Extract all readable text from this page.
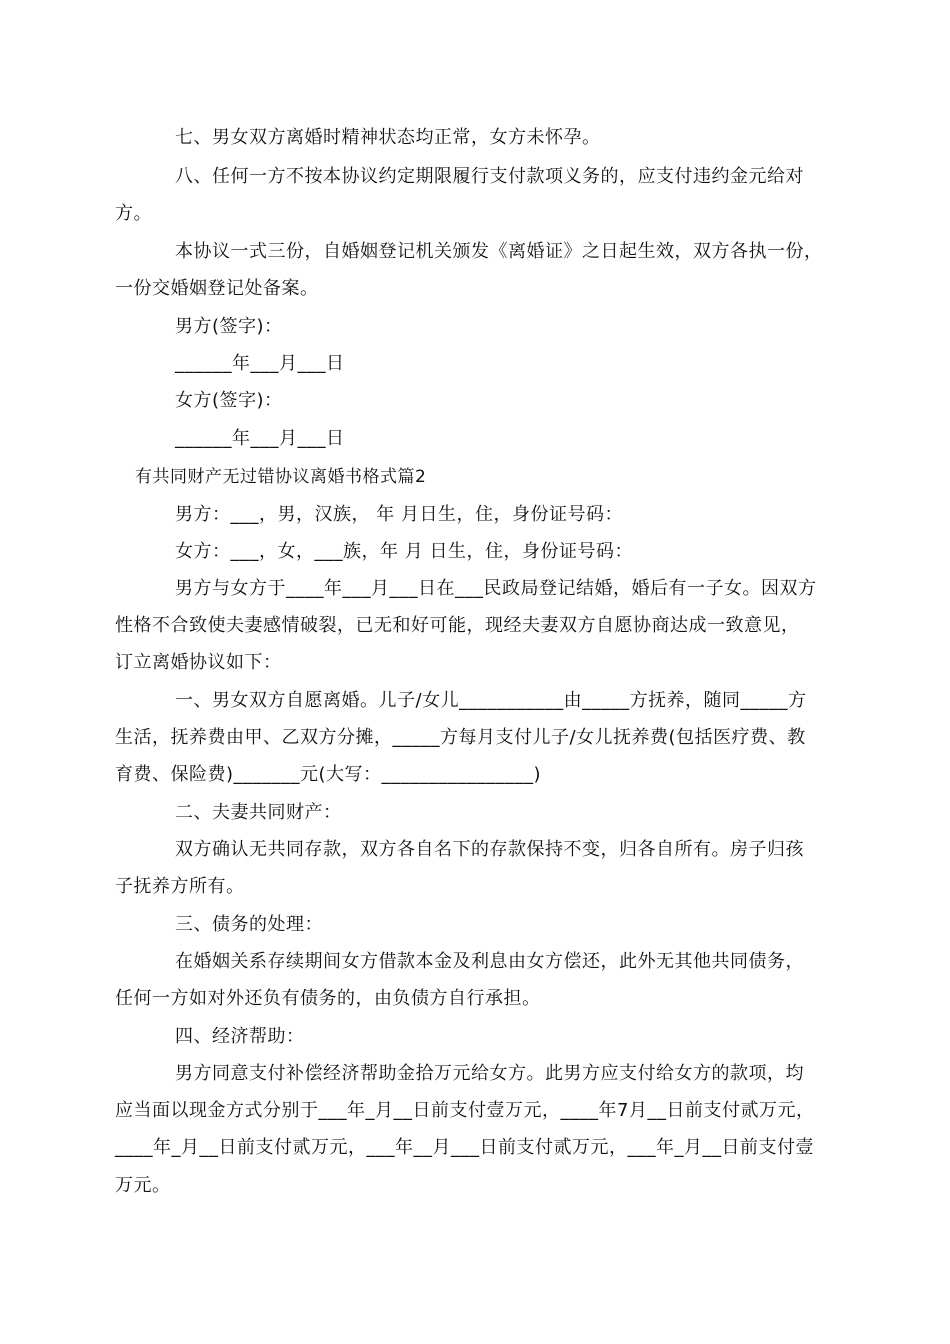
七、男女双方离婚时精神状态均正常，女方未怀孕。

八、任何一方不按本协议约定期限履行支付款项义务的，应支付违约金元给对

方。

本协议一式三份，自婚姻登记机关颁发《离婚证》之日起生效，双方各执一份，

一份交婚姻登记处备案。

男方(签字)：

______年___月___日

女方(签字)：

______年___月___日

有共同财产无过错协议离婚书格式篇2

男方：___，男，汉族， 年 月日生，住，身份证号码：

女方：___，女，___族，年 月 日生，住，身份证号码：

男方与女方于____年___月___日在___民政局登记结婚，婚后有一子女。因双方

性格不合致使夫妻感情破裂，已无和好可能，现经夫妻双方自愿协商达成一致意见，

订立离婚协议如下：

一、男女双方自愿离婚。儿子/女儿___________由_____方抚养，随同_____方

生活，抚养费由甲、乙双方分摊，_____方每月支付儿子/女儿抚养费(包括医疗费、教

育费、保险费)_______元(大写：________________)

二、夫妻共同财产：

双方确认无共同存款，双方各自名下的存款保持不变，归各自所有。房子归孩

子抚养方所有。

三、债务的处理：

在婚姻关系存续期间女方借款本金及利息由女方偿还，此外无其他共同债务，

任何一方如对外还负有债务的，由负债方自行承担。

四、经济帮助：

男方同意支付补偿经济帮助金拾万元给女方。此男方应支付给女方的款项，均

应当面以现金方式分别于___年_月__日前支付壹万元，____年7月__日前支付贰万元，

____年_月__日前支付贰万元，___年__月___日前支付贰万元，___年_月__日前支付壹

万元。
